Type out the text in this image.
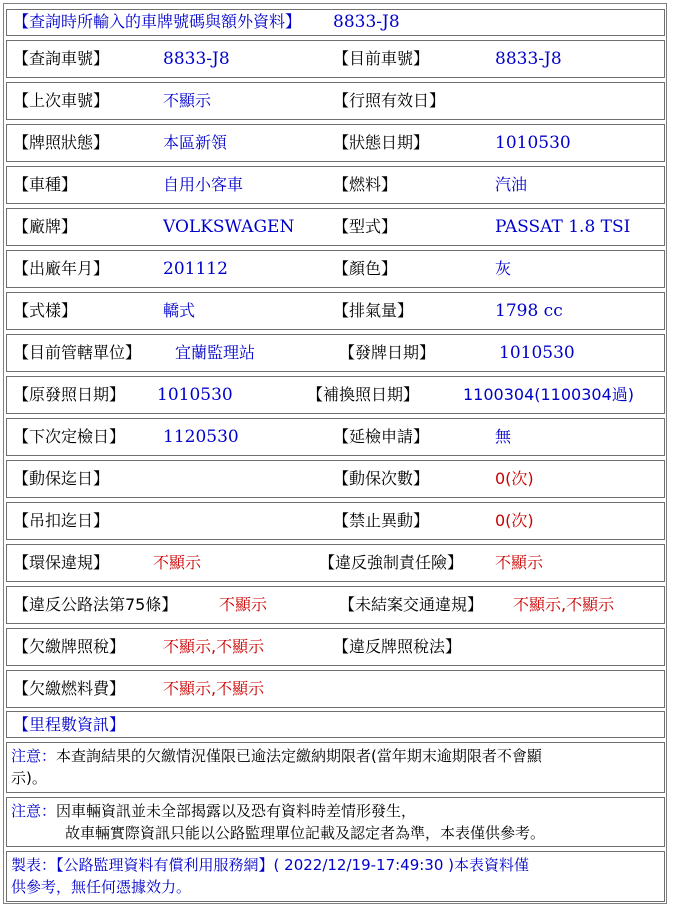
【查詢時所輸入的車牌號碼與額外資料】 8833-J8
【查詢車號】	8833-J8	【目前車號】	8833-J8
【上次車號】	不顯示	【行照有效日】
【牌照狀態】	本區新領	【狀態日期】	1010530
【車種】	自用小客車	【燃料】	汽油
【廠牌】	VOLKSWAGEN 【型式】	PASSAT 1.8 TSI
【出廠年月】	201112	【顏色】	灰
【式樣】	轎式	【排氣量】	1798 cc
【目前管轄單位】 宜蘭監理站	【發牌日期】	1010530
【原發照日期】 1010530	【補換照日期】	1100304(1100304過)
【下次定檢日】 1120530	【延檢申請】	無
【動保迄日】	【動保次數】	0(次)
【吊扣迄日】	【禁止異動】	0(次)
【環保違規】	不顯示	【違反強制責任險】 不顯示
【違反公路法第75條】	不顯示	【未結案交通違規】 不顯示,不顯示
【欠繳牌照稅】 不顯示,不顯示	【違反牌照稅法】
【欠繳燃料費】 不顯示,不顯示
【里程數資訊】
注意：本查詢結果的欠繳情況僅限已逾法定繳納期限者(當年期末逾期限者不會顯
示)。
注意：因車輛資訊並未全部揭露以及恐有資料時差情形發生，
故車輛實際資訊只能以公路監理單位記載及認定者為準，本表僅供參考。
製表：【公路監理資料有償利用服務網】( 2022/12/19-17:49:30 )本表資料僅
供參考，無任何憑據效力。
